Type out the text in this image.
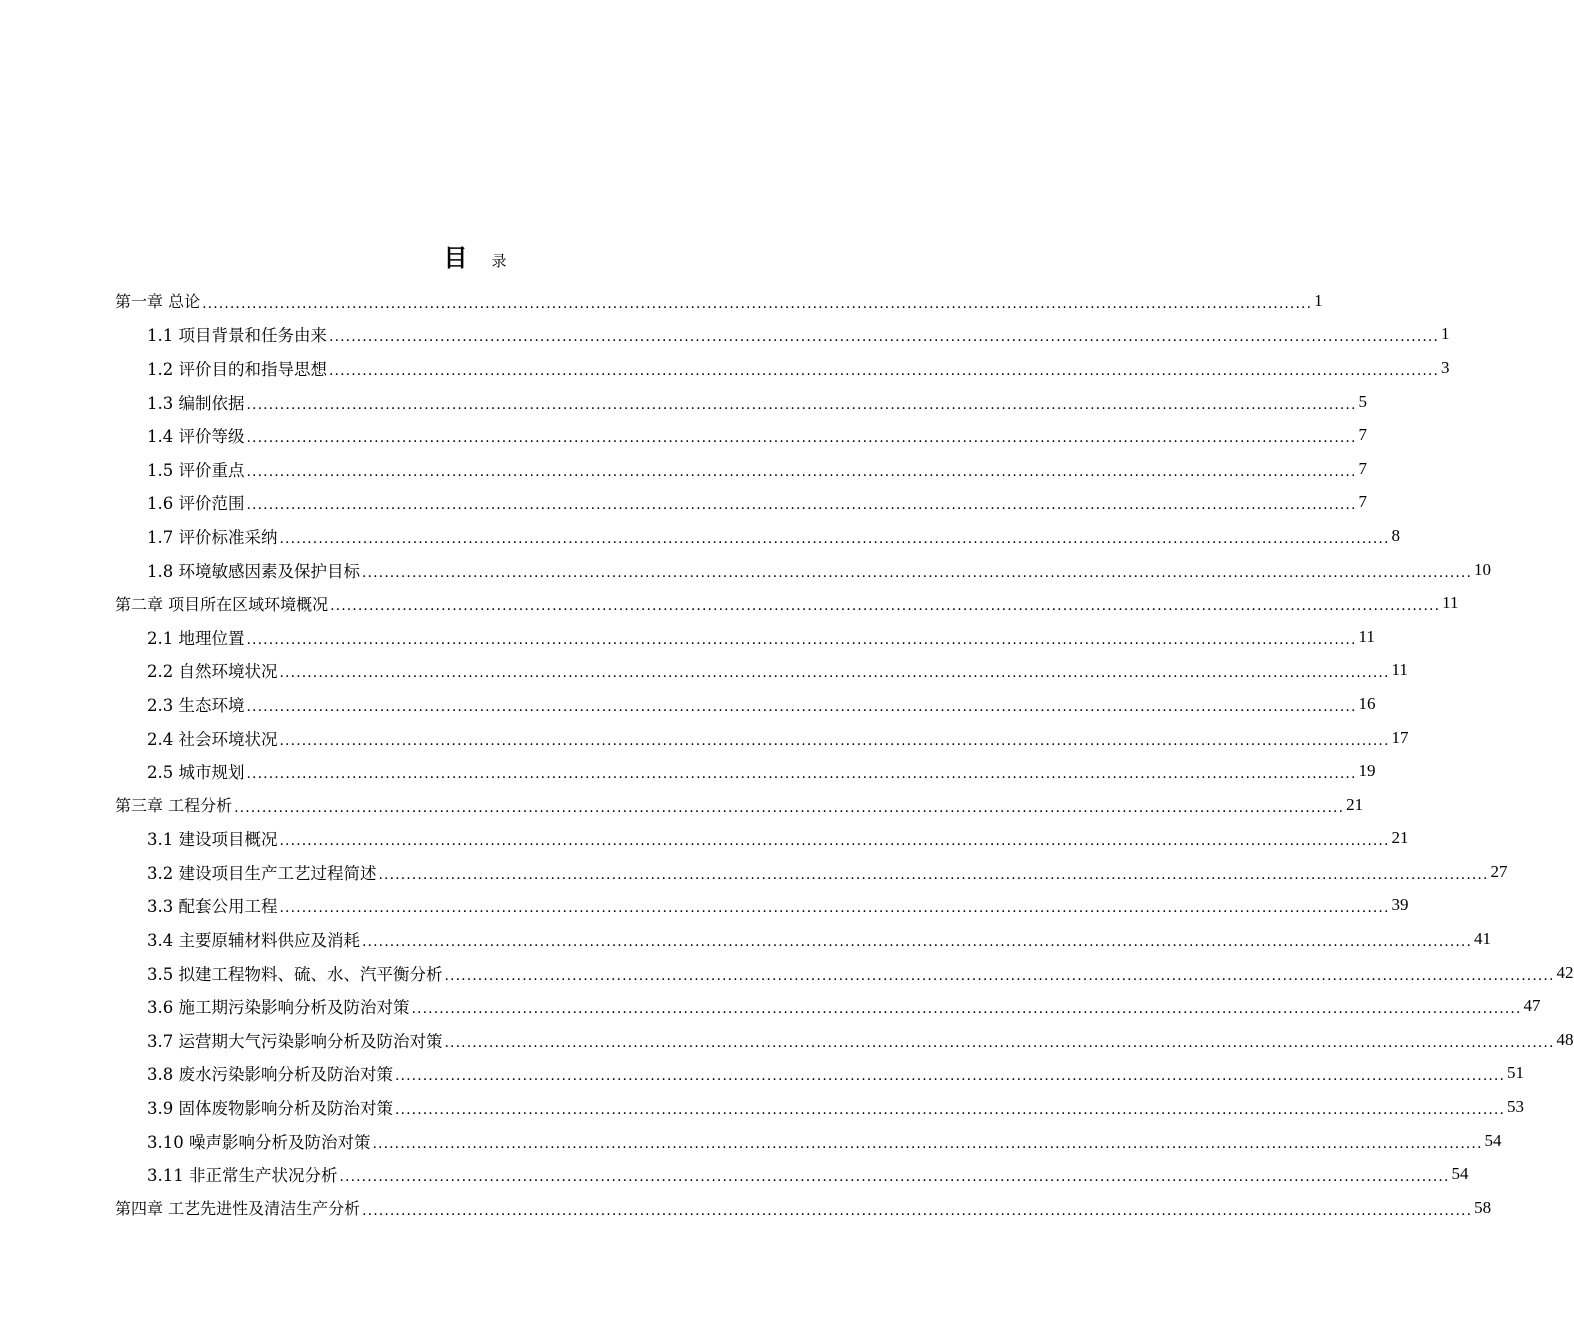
目 录
第一章 总论 ........................................................................................................................................................................................................ 1
1.1 项目背景和任务由来 ........................................................................................................................................................................................................ 1
1.2 评价目的和指导思想 ........................................................................................................................................................................................................ 3
1.3 编制依据 ........................................................................................................................................................................................................ 5
1.4 评价等级 ........................................................................................................................................................................................................ 7
1.5 评价重点 ........................................................................................................................................................................................................ 7
1.6 评价范围 ........................................................................................................................................................................................................ 7
1.7 评价标准采纳 ........................................................................................................................................................................................................ 8
1.8 环境敏感因素及保护目标 ........................................................................................................................................................................................................ 10
第二章 项目所在区域环境概况 ........................................................................................................................................................................................................ 11
2.1 地理位置 ........................................................................................................................................................................................................ 11
2.2 自然环境状况 ........................................................................................................................................................................................................ 11
2.3 生态环境 ........................................................................................................................................................................................................ 16
2.4 社会环境状况 ........................................................................................................................................................................................................ 17
2.5 城市规划 ........................................................................................................................................................................................................ 19
第三章 工程分析 ........................................................................................................................................................................................................ 21
3.1 建设项目概况 ........................................................................................................................................................................................................ 21
3.2 建设项目生产工艺过程简述 ........................................................................................................................................................................................................ 27
3.3 配套公用工程 ........................................................................................................................................................................................................ 39
3.4 主要原辅材料供应及消耗 ........................................................................................................................................................................................................ 41
3.5 拟建工程物料、硫、水、汽平衡分析 ........................................................................................................................................................................................................ 42
3.6 施工期污染影响分析及防治对策 ........................................................................................................................................................................................................ 47
3.7 运营期大气污染影响分析及防治对策 ........................................................................................................................................................................................................ 48
3.8 废水污染影响分析及防治对策 ........................................................................................................................................................................................................ 51
3.9 固体废物影响分析及防治对策 ........................................................................................................................................................................................................ 53
3.10 噪声影响分析及防治对策 ........................................................................................................................................................................................................ 54
3.11 非正常生产状况分析 ........................................................................................................................................................................................................ 54
第四章 工艺先进性及清洁生产分析 ........................................................................................................................................................................................................ 58
